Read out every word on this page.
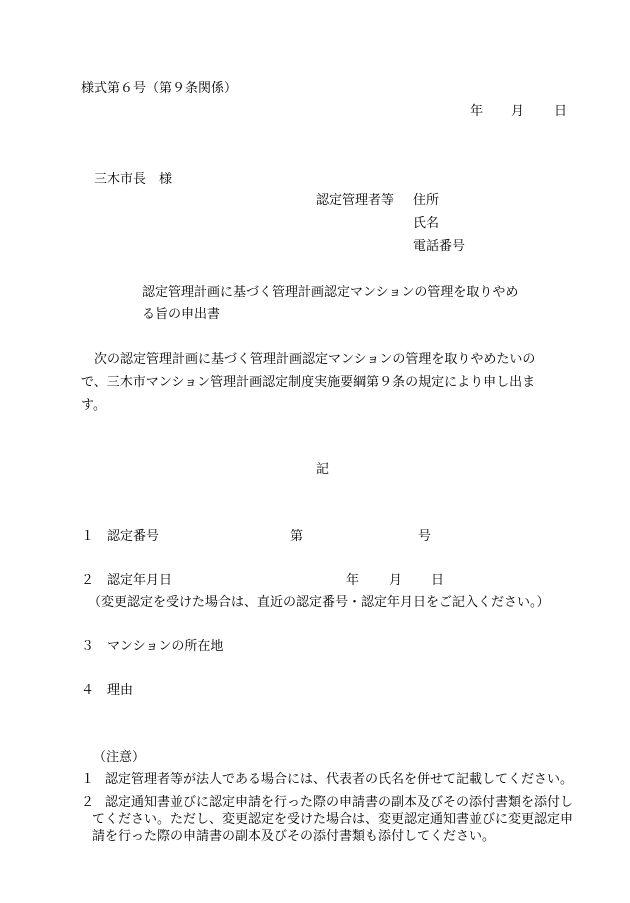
様式第６号（第９条関係）
年 月 日
三木市長　様
認定管理者等 住所
氏名
電話番号
認定管理計画に基づく管理計画認定マンションの管理を取りやめ
る旨の申出書
　次の認定管理計画に基づく管理計画認定マンションの管理を取りやめたいの
で、三木市マンション管理計画認定制度実施要綱第９条の規定により申し出ま
す。
記
１ 認定番号	第	号
２ 認定年月日	年 月 日
（変更認定を受けた場合は、直近の認定番号・認定年月日をご記入ください。）
３ マンションの所在地
４ 理由
（注意）
１ 認定管理者等が法人である場合には、代表者の氏名を併せて記載してください。
２ 認定通知書並びに認定申請を行った際の申請書の副本及びその添付書類を添付し
てください。ただし、変更認定を受けた場合は、変更認定通知書並びに変更認定申
請を行った際の申請書の副本及びその添付書類も添付してください。
